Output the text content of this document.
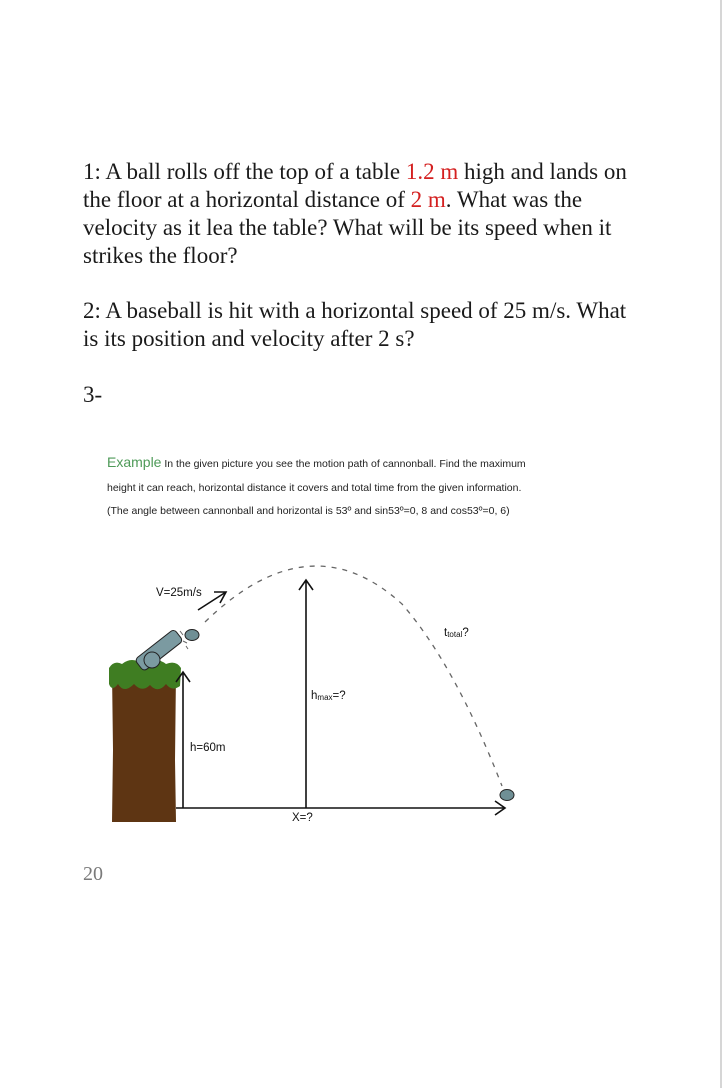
1: A ball rolls off the top of a table 1.2 m high and lands on the floor at a horizontal distance of 2 m. What was the velocity as it lea the table? What will be its speed when it strikes the floor?

2: A baseball is hit with a horizontal speed of 25 m/s. What is its position and velocity after 2 s?

3-

Example In the given picture you see the motion path of cannonball. Find the maximum height it can reach, horizontal distance it covers and total time from the given information. (The angle between cannonball and horizontal is 53º and sin53º=0, 8 and cos53º=0, 6)

V=25m/s
ttotal?
hmax=?
h=60m
X=?

20
